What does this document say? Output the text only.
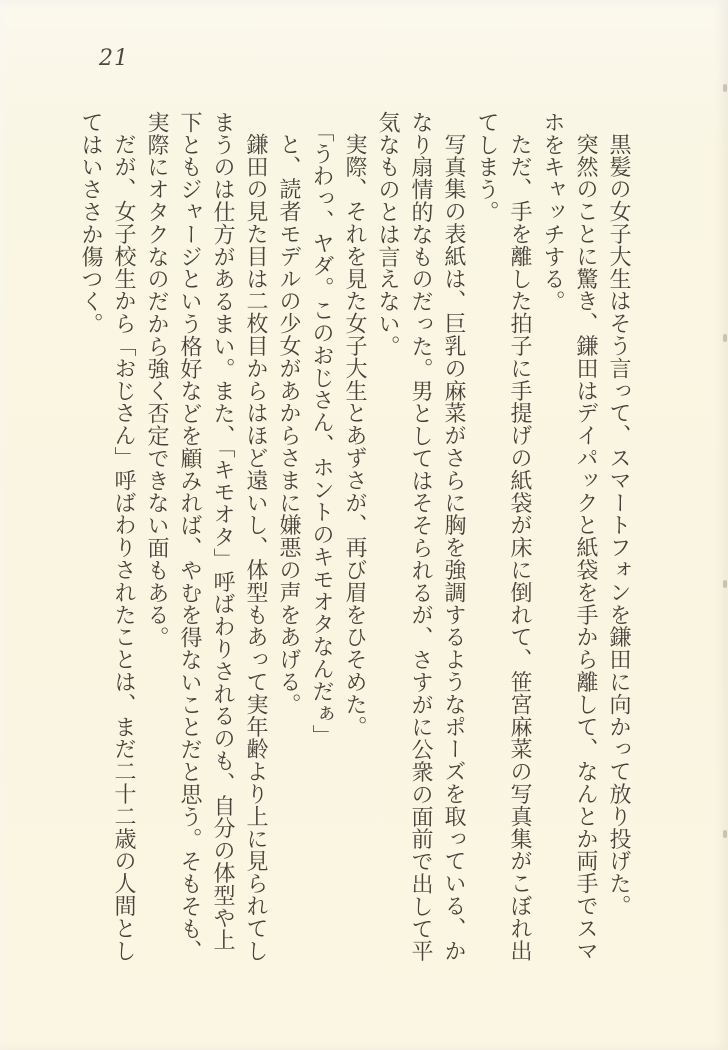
21
黒髪の女子大生はそう言って、スマートフォンを鎌田に向かって放り投げた。
突然のことに驚き、鎌田はデイパックと紙袋を手から離して、なんとか両手でスマ
ホをキャッチする。
ただ、手を離した拍子に手提げの紙袋が床に倒れて、笹宮麻菜の写真集がこぼれ出
てしまう。
写真集の表紙は、巨乳の麻菜がさらに胸を強調するようなポーズを取っている、か
なり扇情的なものだった。男としてはそそられるが、さすがに公衆の面前で出して平
気なものとは言えない。
実際、それを見た女子大生とあずさが、再び眉をひそめた。
「うわっ、ヤダ。このおじさん、ホントのキモオタなんだぁ」
と、読者モデルの少女があからさまに嫌悪の声をあげる。
鎌田の見た目は二枚目からはほど遠いし、体型もあって実年齢より上に見られてし
まうのは仕方があるまい。また、「キモオタ」呼ばわりされるのも、自分の体型や上
下ともジャージという格好などを顧みれば、やむを得ないことだと思う。そもそも、
実際にオタクなのだから強く否定できない面もある。
だが、女子校生から「おじさん」呼ばわりされたことは、まだ二十二歳の人間とし
てはいささか傷つく。
